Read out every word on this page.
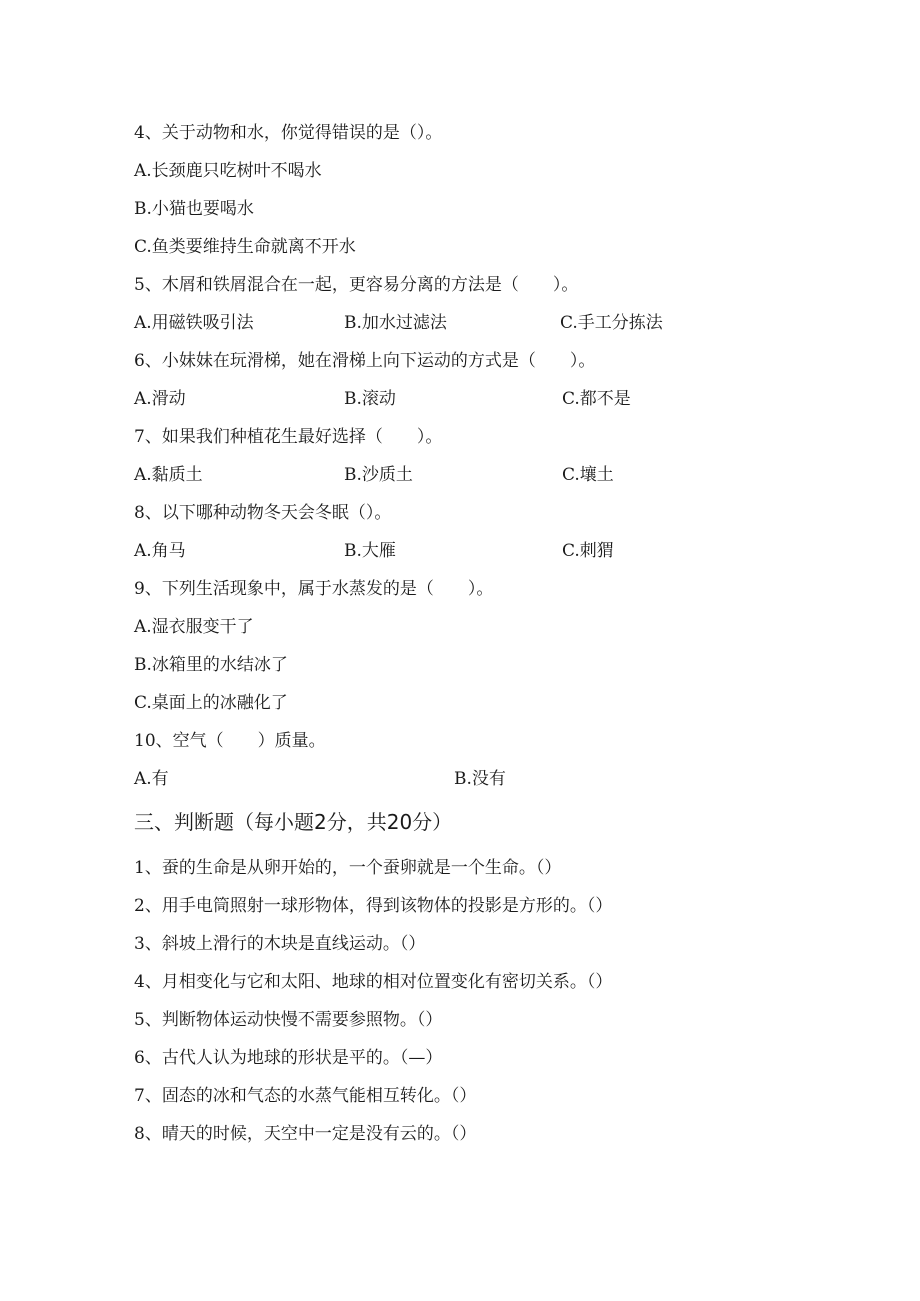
4、关于动物和水，你觉得错误的是（）。
A.长颈鹿只吃树叶不喝水
B.小猫也要喝水
C.鱼类要维持生命就离不开水
5、木屑和铁屑混合在一起，更容易分离的方法是（　　）。
A.用磁铁吸引法	B.加水过滤法	C.手工分拣法
6、小妹妹在玩滑梯，她在滑梯上向下运动的方式是（　　）。
A.滑动	B.滚动	C.都不是
7、如果我们种植花生最好选择（　　）。
A.黏质土	B.沙质土	C.壤土
8、以下哪种动物冬天会冬眠（）。
A.角马	B.大雁	C.刺猬
9、下列生活现象中，属于水蒸发的是（　　）。
A.湿衣服变干了
B.冰箱里的水结冰了
C.桌面上的冰融化了
10、空气（　　）质量。
A.有	B.没有
三、判断题（每小题2分，共20分）
1、蚕的生命是从卵开始的，一个蚕卵就是一个生命。（）
2、用手电筒照射一球形物体，得到该物体的投影是方形的。（）
3、斜坡上滑行的木块是直线运动。（）
4、月相变化与它和太阳、地球的相对位置变化有密切关系。（）
5、判断物体运动快慢不需要参照物。（）
6、古代人认为地球的形状是平的。（—）
7、固态的冰和气态的水蒸气能相互转化。（）
8、晴天的时候，天空中一定是没有云的。（）
